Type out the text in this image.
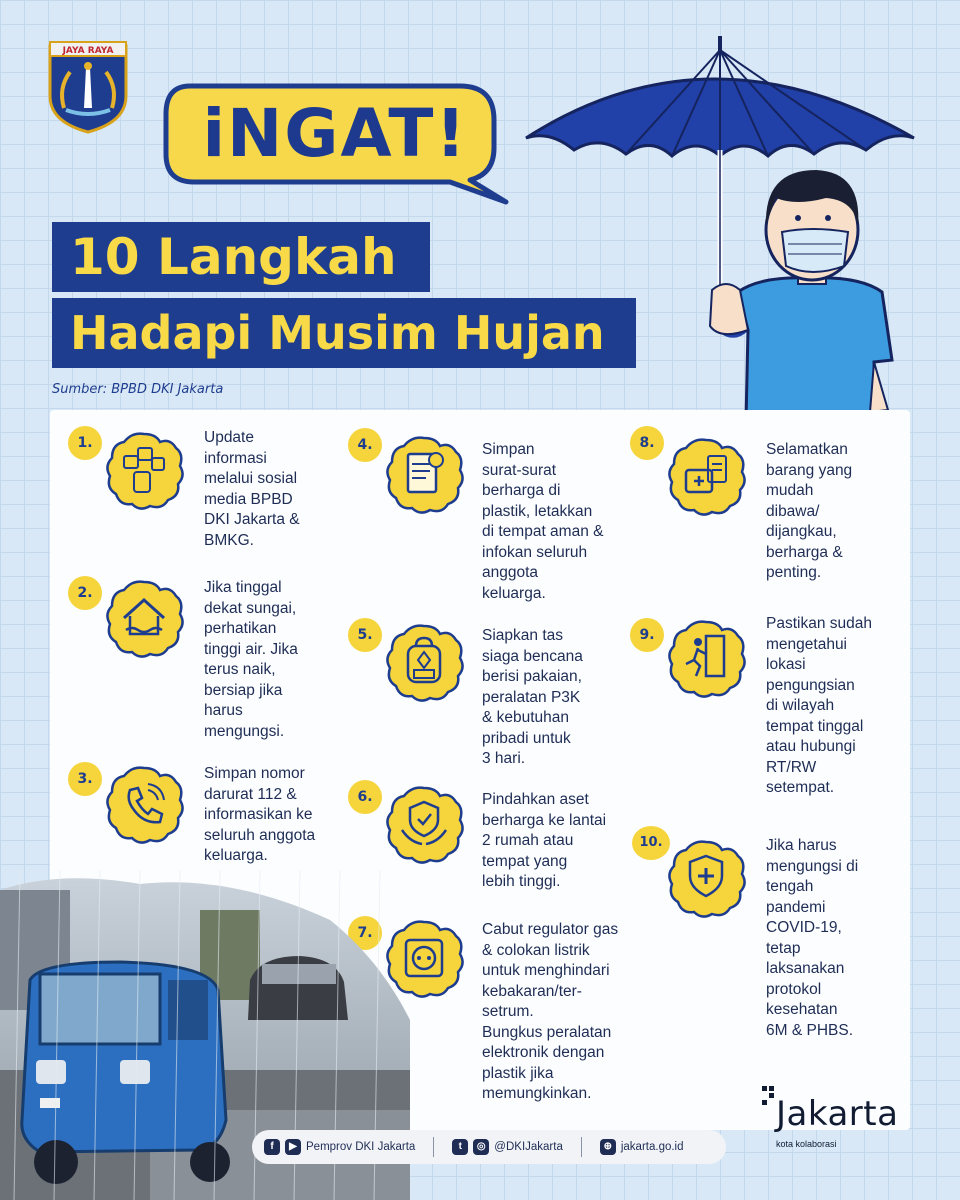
JAYA RAYA
iNGAT!
10 Langkah
Hadapi Musim Hujan
Sumber: BPBD DKI Jakarta
1.	Update
informasi
melalui sosial
media BPBD
DKI Jakarta &
BMKG.

2.	Jika tinggal
dekat sungai,
perhatikan
tinggi air. Jika
terus naik,
bersiap jika
harus
mengungsi.

3.	Simpan nomor
darurat 112 &
informasikan ke
seluruh anggota
keluarga.

4.	Simpan
surat-surat
berharga di
plastik, letakkan
di tempat aman &
infokan seluruh
anggota
keluarga.

5.	Siapkan tas
siaga bencana
berisi pakaian,
peralatan P3K
& kebutuhan
pribadi untuk
3 hari.

6.	Pindahkan aset
berharga ke lantai
2 rumah atau
tempat yang
lebih tinggi.

7.	Cabut regulator gas
& colokan listrik
untuk menghindari
kebakaran/ter-
setrum.
Bungkus peralatan
elektronik dengan
plastik jika
memungkinkan.

8.	Selamatkan
barang yang
mudah
dibawa/
dijangkau,
berharga &
penting.

9.

Pastikan sudah
mengetahui
lokasi
pengungsian
di wilayah
tempat tinggal
atau hubungi
RT/RW
setempat.

10.	Jika harus
mengungsi di
tengah
pandemi
COVID-19,
tetap
laksanakan
protokol
kesehatan
6M & PHBS.

f	▶ Pemprov DKI Jakarta	t	◎ @DKIJakarta	⊕ jakarta.go.id
Jakarta
kota kolaborasi
